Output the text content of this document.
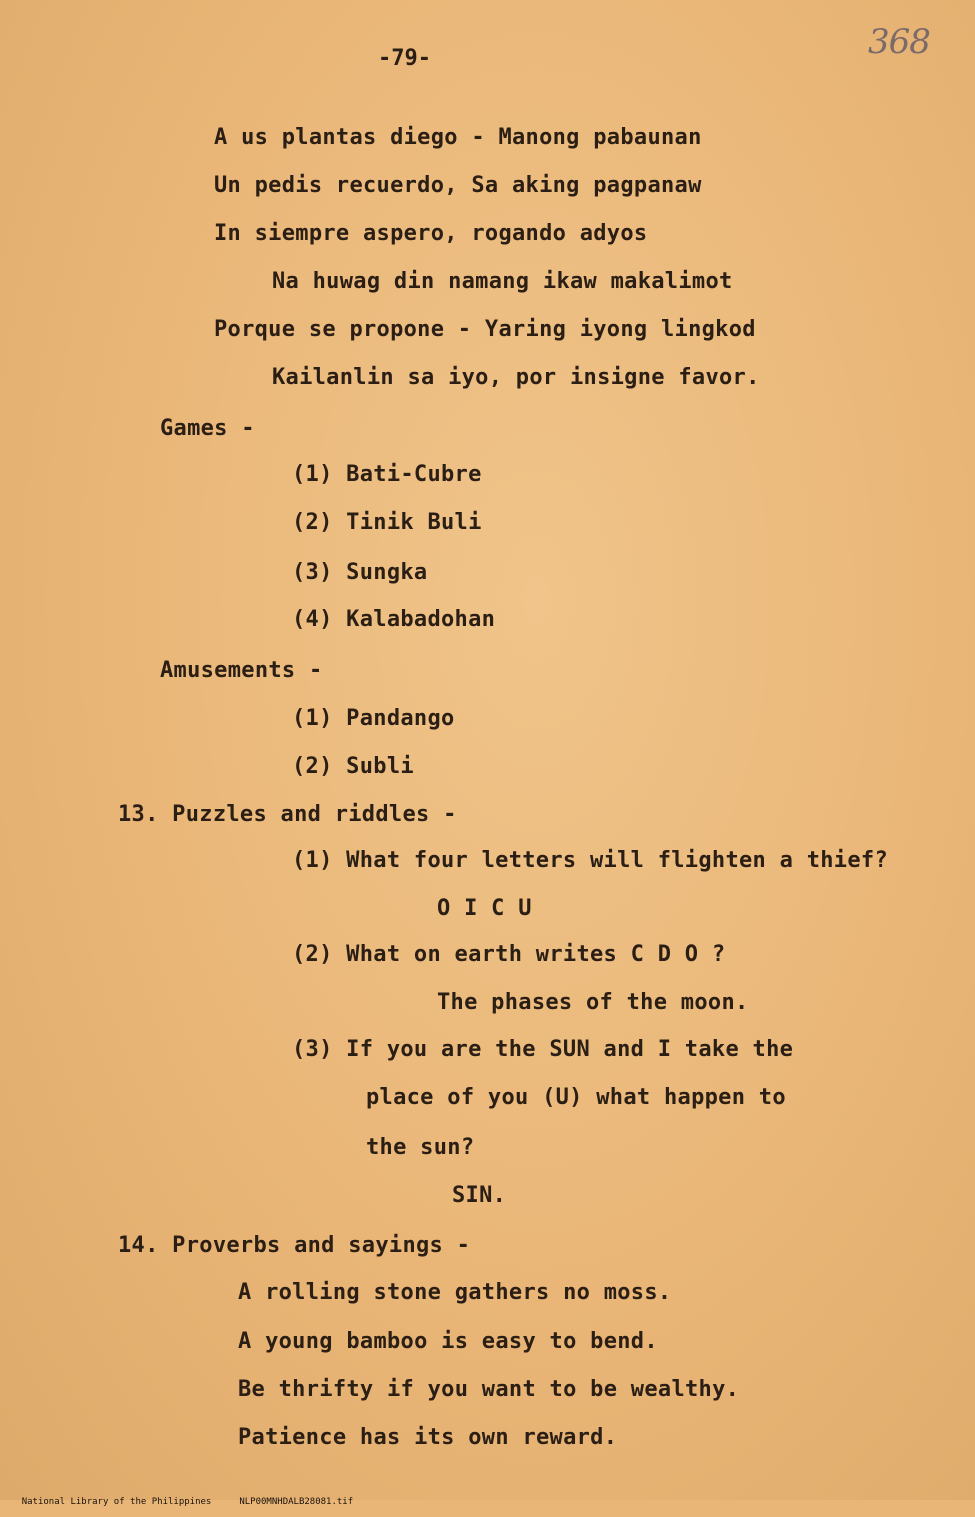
368
-79-
A us plantas diego - Manong pabaunan
Un pedis recuerdo, Sa aking pagpanaw
In siempre aspero, rogando adyos
Na huwag din namang ikaw makalimot
Porque se propone - Yaring iyong lingkod
Kailanlin sa iyo, por insigne favor.
Games -
(1) Bati-Cubre
(2) Tinik Buli
(3) Sungka
(4) Kalabadohan
Amusements -
(1) Pandango
(2) Subli
13. Puzzles and riddles -
(1) What four letters will flighten a thief?
O I C U
(2) What on earth writes C D O ?
The phases of the moon.
(3) If you are the SUN and I take the
place of you (U) what happen to
the sun?
SIN.
14. Proverbs and sayings -
A rolling stone gathers no moss.
A young bamboo is easy to bend.
Be thrifty if you want to be wealthy.
Patience has its own reward.

National Library of the Philippines	NLP00MNHDALB28081.tif
